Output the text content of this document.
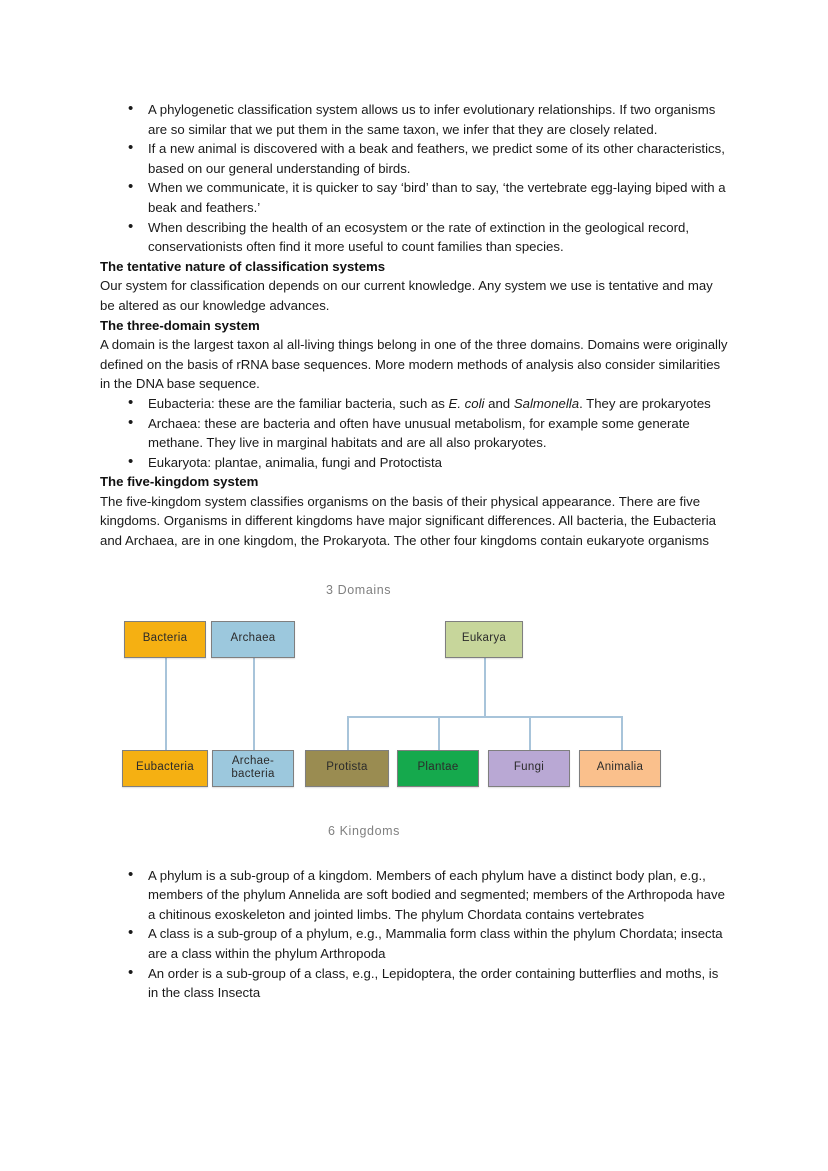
• A phylogenetic classification system allows us to infer evolutionary relationships. If two organisms are so similar that we put them in the same taxon, we infer that they are closely related.
• If a new animal is discovered with a beak and feathers, we predict some of its other characteristics, based on our general understanding of birds.
• When we communicate, it is quicker to say ‘bird’ than to say, ‘the vertebrate egg-laying biped with a beak and feathers.’
• When describing the health of an ecosystem or the rate of extinction in the geological record, conservationists often find it more useful to count families than species.

The tentative nature of classification systems

Our system for classification depends on our current knowledge. Any system we use is tentative and may be altered as our knowledge advances.

The three-domain system

A domain is the largest taxon al all-living things belong in one of the three domains. Domains were originally defined on the basis of rRNA base sequences. More modern methods of analysis also consider similarities in the DNA base sequence.

• Eubacteria: these are the familiar bacteria, such as E. coli and Salmonella. They are prokaryotes
• Archaea: these are bacteria and often have unusual metabolism, for example some generate methane. They live in marginal habitats and are all also prokaryotes.
• Eukaryota: plantae, animalia, fungi and Protoctista

The five-kingdom system

The five-kingdom system classifies organisms on the basis of their physical appearance. There are five kingdoms. Organisms in different kingdoms have major significant differences. All bacteria, the Eubacteria and Archaea, are in one kingdom, the Prokaryota. The other four kingdoms contain eukaryote organisms

3 Domains
Bacteria	Archaea	Eukarya
Eubacteria
Archae-
bacteria
Protista	Plantae	Fungi	Animalia
6 Kingdoms
• A phylum is a sub-group of a kingdom. Members of each phylum have a distinct body plan, e.g., members of the phylum Annelida are soft bodied and segmented; members of the Arthropoda have a chitinous exoskeleton and jointed limbs. The phylum Chordata contains vertebrates
• A class is a sub-group of a phylum, e.g., Mammalia form class within the phylum Chordata; insecta are a class within the phylum Arthropoda
• An order is a sub-group of a class, e.g., Lepidoptera, the order containing butterflies and moths, is in the class Insecta
